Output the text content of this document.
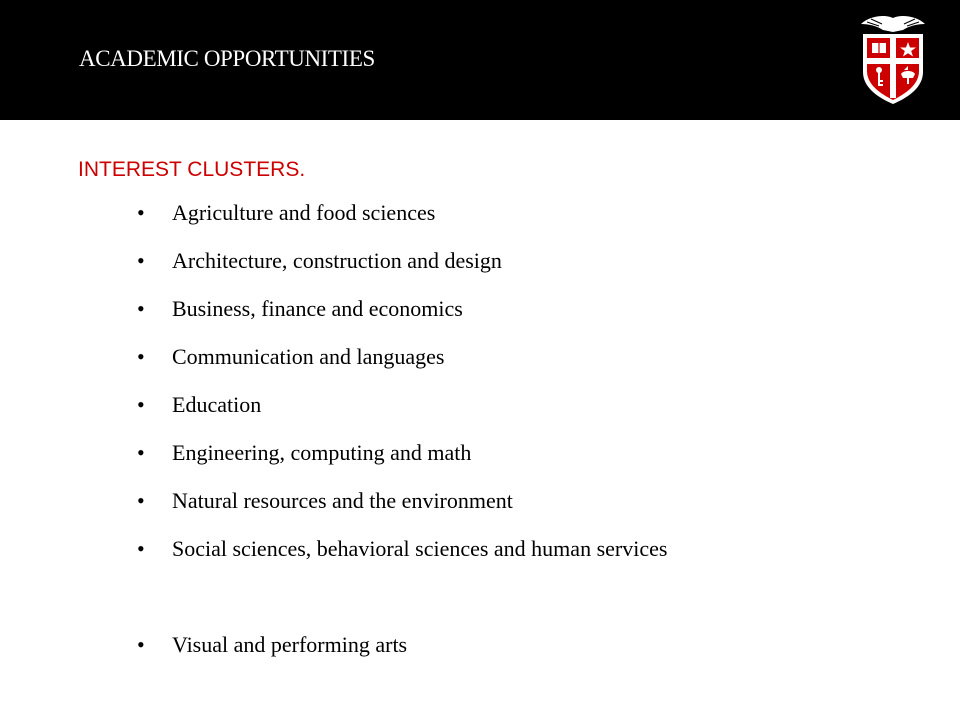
ACADEMIC OPPORTUNITIES
INTEREST CLUSTERS.
•	Agriculture and food sciences
•	Architecture, construction and design
•	Business, finance and economics
•	Communication and languages
•	Education
•	Engineering, computing and math
•	Natural resources and the environment
•	Social sciences, behavioral sciences and human services
•	Visual and performing arts
